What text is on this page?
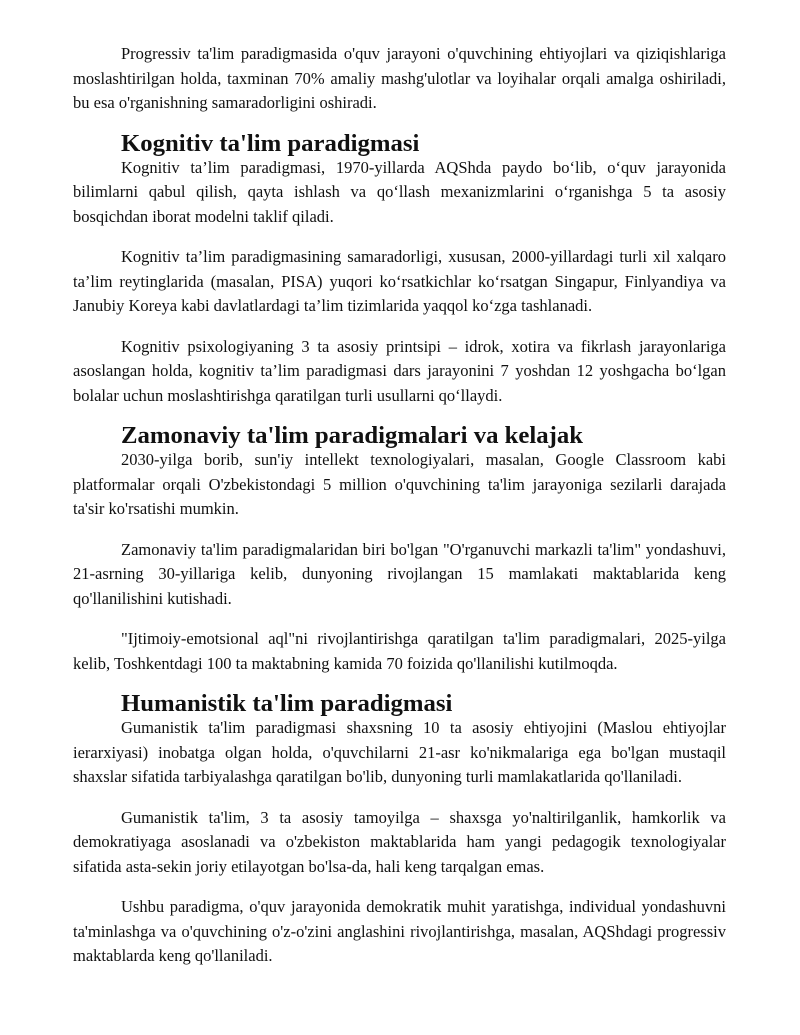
Progressiv ta'lim paradigmasida o'quv jarayoni o'quvchining ehtiyojlari va qiziqishlariga moslashtirilgan holda, taxminan 70% amaliy mashg'ulotlar va loyihalar orqali amalga oshiriladi, bu esa o'rganishning samaradorligini oshiradi.

Kognitiv ta'lim paradigmasi

Kognitiv ta’lim paradigmasi, 1970-yillarda AQShda paydo bo‘lib, o‘quv jarayonida bilimlarni qabul qilish, qayta ishlash va qo‘llash mexanizmlarini o‘rganishga 5 ta asosiy bosqichdan iborat modelni taklif qiladi.

Kognitiv ta’lim paradigmasining samaradorligi, xususan, 2000-yillardagi turli xil xalqaro ta’lim reytinglarida (masalan, PISA) yuqori ko‘rsatkichlar ko‘rsatgan Singapur, Finlyandiya va Janubiy Koreya kabi davlatlardagi ta’lim tizimlarida yaqqol ko‘zga tashlanadi.

Kognitiv psixologiyaning 3 ta asosiy printsipi – idrok, xotira va fikrlash jarayonlariga asoslangan holda, kognitiv ta’lim paradigmasi dars jarayonini 7 yoshdan 12 yoshgacha bo‘lgan bolalar uchun moslashtirishga qaratilgan turli usullarni qo‘llaydi.

Zamonaviy ta'lim paradigmalari va kelajak

2030-yilga borib, sun'iy intellekt texnologiyalari, masalan, Google Classroom kabi platformalar orqali O'zbekistondagi 5 million o'quvchining ta'lim jarayoniga sezilarli darajada ta'sir ko'rsatishi mumkin.

Zamonaviy ta'lim paradigmalaridan biri bo'lgan "O'rganuvchi markazli ta'lim" yondashuvi, 21-asrning 30-yillariga kelib, dunyoning rivojlangan 15 mamlakati maktablarida keng qo'llanilishini kutishadi.

"Ijtimoiy-emotsional aql"ni rivojlantirishga qaratilgan ta'lim paradigmalari, 2025-yilga kelib, Toshkentdagi 100 ta maktabning kamida 70 foizida qo'llanilishi kutilmoqda.

Humanistik ta'lim paradigmasi

Gumanistik ta'lim paradigmasi shaxsning 10 ta asosiy ehtiyojini (Maslou ehtiyojlar ierarxiyasi) inobatga olgan holda, o'quvchilarni 21-asr ko'nikmalariga ega bo'lgan mustaqil shaxslar sifatida tarbiyalashga qaratilgan bo'lib, dunyoning turli mamlakatlarida qo'llaniladi.

Gumanistik ta'lim, 3 ta asosiy tamoyilga – shaxsga yo'naltirilganlik, hamkorlik va demokratiyaga asoslanadi va o'zbekiston maktablarida ham yangi pedagogik texnologiyalar sifatida asta-sekin joriy etilayotgan bo'lsa-da, hali keng tarqalgan emas.

Ushbu paradigma, o'quv jarayonida demokratik muhit yaratishga, individual yondashuvni ta'minlashga va o'quvchining o'z-o'zini anglashini rivojlantirishga, masalan, AQShdagi progressiv maktablarda keng qo'llaniladi.
